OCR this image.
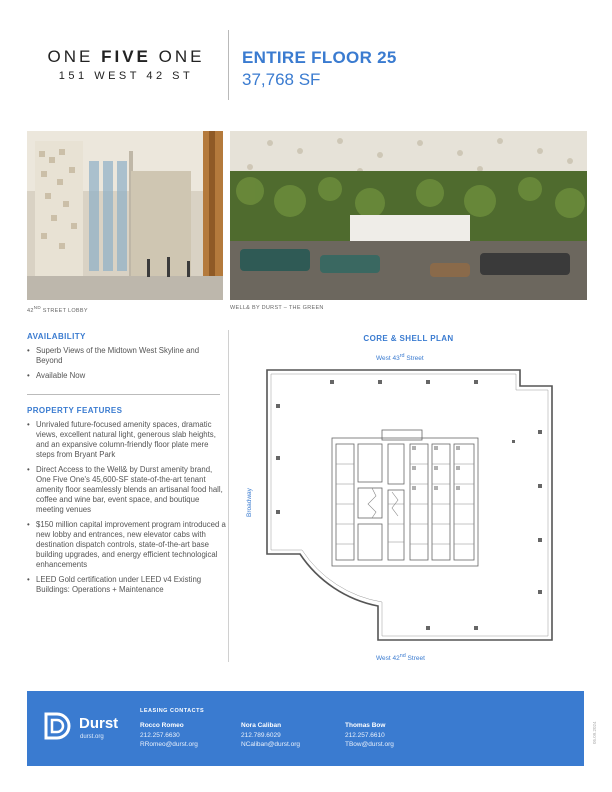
ONE FIVE ONE
151 WEST 42 ST
ENTIRE FLOOR 25
37,768 SF
42ND STREET LOBBY	WELL& BY DURST – THE GREEN
AVAILABILITY
• Superb Views of the Midtown West Skyline and Beyond
• Available Now
PROPERTY FEATURES
• Unrivaled future-focused amenity spaces, dramatic views, excellent natural light, generous slab heights, and an expansive column-friendly floor plate mere steps from Bryant Park
• Direct Access to the Well& by Durst amenity brand, One Five One's 45,600-SF state-of-the-art tenant amenity floor seamlessly blends an artisanal food hall, coffee and wine bar, event space, and boutique meeting venues
• $150 million capital improvement program introduced a new lobby and entrances, new elevator cabs with destination dispatch controls, state-of-the-art base building upgrades, and energy efficient technological enhancements
• LEED Gold certification under LEED v4 Existing Buildings: Operations + Maintenance
CORE & SHELL PLAN
West 43rd Street
West 42nd Street
Broadway
Durst
durst.org
LEASING CONTACTS
Rocco Romeo
212.257.6630
RRomeo@durst.org
Nora Caliban
212.789.6029
NCaliban@durst.org
Thomas Bow
212.257.6610
TBow@durst.org
05.09.2024
